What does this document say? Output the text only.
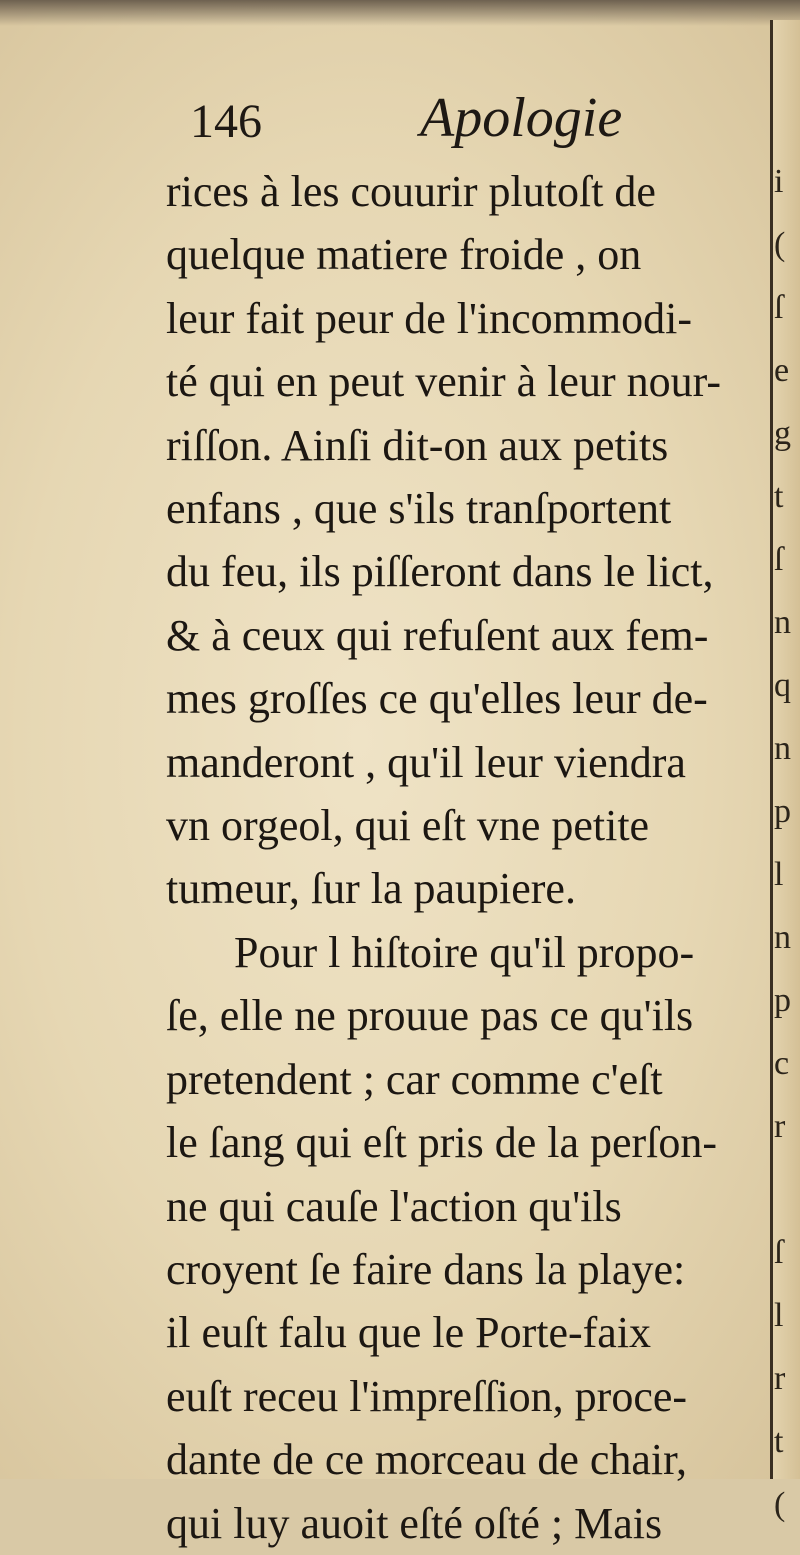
146	Apologie
rices à les couurir plutoſt de
quelque matiere froide , on
leur fait peur de l'incommodi-
té qui en peut venir à leur nour-
riſſon. Ainſi dit-on aux petits
enfans , que s'ils tranſportent
du feu, ils piſſeront dans le lict,
& à ceux qui refuſent aux fem-
mes groſſes ce qu'elles leur de-
manderont , qu'il leur viendra
vn orgeol, qui eſt vne petite
tumeur, ſur la paupiere.
Pour l hiſtoire qu'il propo-
ſe, elle ne prouue pas ce qu'ils
pretendent ; car comme c'eſt
le ſang qui eſt pris de la perſon-
ne qui cauſe l'action qu'ils
croyent ſe faire dans la playe:
il euſt falu que le Porte-faix
euſt receu l'impreſſion, proce-
dante de ce morceau de chair,
qui luy auoit eſté oſté ; Mais
i
(
ſ
e
g
t
ſ
n
q
n
p
l
n
p
c
r

ſ
l
r
t
(
